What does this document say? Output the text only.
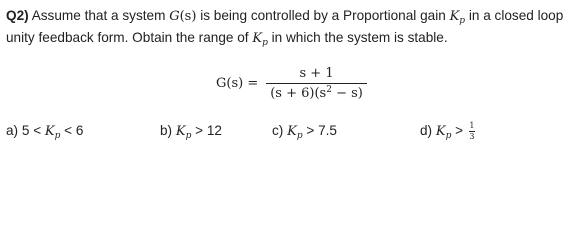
Q2) Assume that a system G(s) is being controlled by a Proportional gain $K_p$ in a closed loop unity feedback form. Obtain the range of $K_p$ in which the system is stable.
$G(s) = \frac{s + 1}{(s + 6)(s^2 - s)}$
a) $5 < K_p < 6$	b) $K_p > 12$	c) $K_p > 7.5$	d) $K_p > \frac{1}{3}$
